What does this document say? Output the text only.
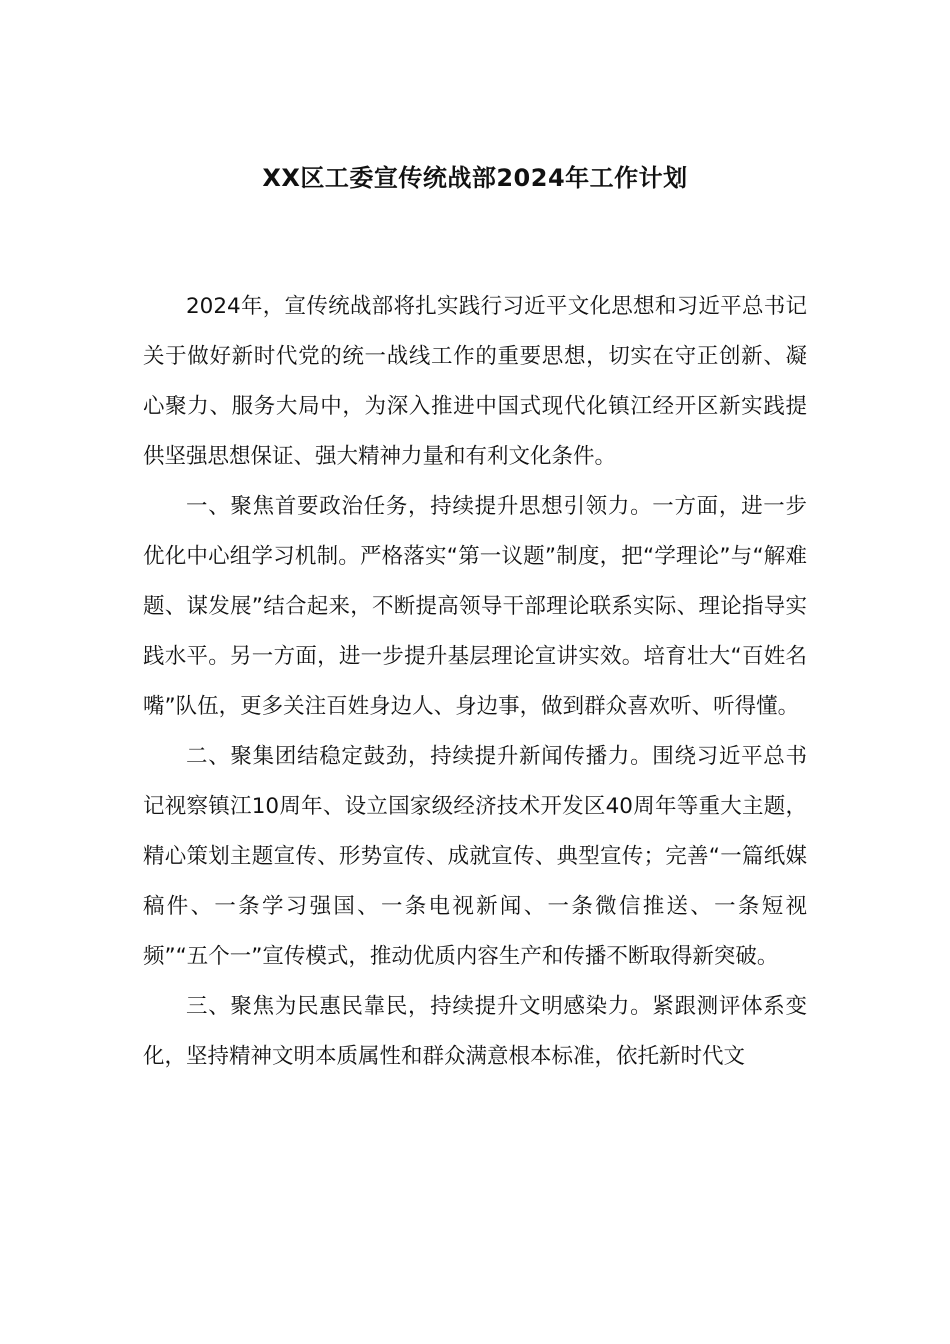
XX区工委宣传统战部2024年工作计划

2024年，宣传统战部将扎实践行习近平文化思想和习近平总书记关于做好新时代党的统一战线工作的重要思想，切实在守正创新、凝心聚力、服务大局中，为深入推进中国式现代化镇江经开区新实践提供坚强思想保证、强大精神力量和有利文化条件。

一、聚焦首要政治任务，持续提升思想引领力。一方面，进一步优化中心组学习机制。严格落实“第一议题”制度，把“学理论”与“解难题、谋发展”结合起来，不断提高领导干部理论联系实际、理论指导实践水平。另一方面，进一步提升基层理论宣讲实效。培育壮大“百姓名嘴”队伍，更多关注百姓身边人、身边事，做到群众喜欢听、听得懂。

二、聚集团结稳定鼓劲，持续提升新闻传播力。围绕习近平总书记视察镇江10周年、设立国家级经济技术开发区40周年等重大主题，精心策划主题宣传、形势宣传、成就宣传、典型宣传；完善“一篇纸媒稿件、一条学习强国、一条电视新闻、一条微信推送、一条短视频”“五个一”宣传模式，推动优质内容生产和传播不断取得新突破。

三、聚焦为民惠民靠民，持续提升文明感染力。紧跟测评体系变化，坚持精神文明本质属性和群众满意根本标准，依托新时代文
